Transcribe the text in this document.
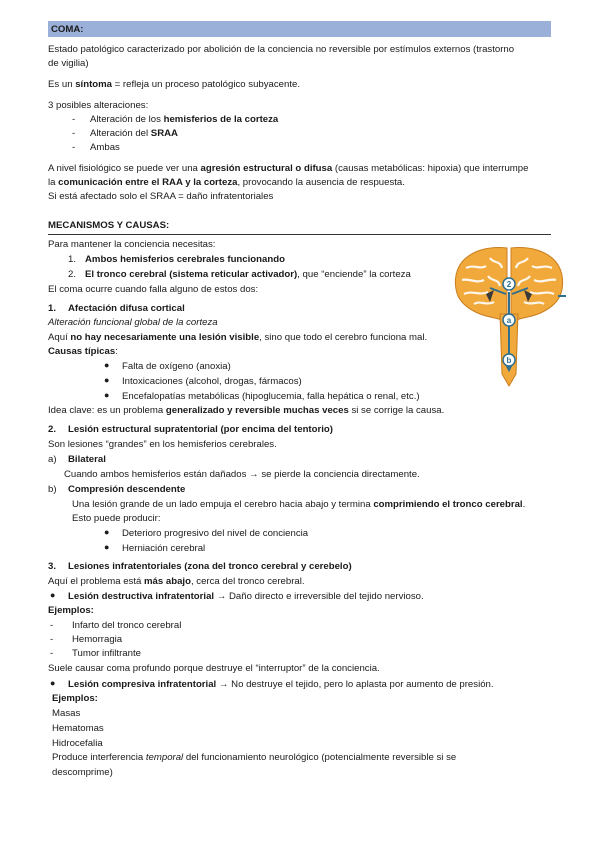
COMA:
Estado patológico caracterizado por abolición de la conciencia no reversible por estímulos externos (trastorno
de vigilia)
Es un síntoma = refleja un proceso patológico subyacente.
3 posibles alteraciones:
- Alteración de los hemisferios de la corteza
- Alteración del SRAA
- Ambas
A nivel fisiológico se puede ver una agresión estructural o difusa (causas metabólicas: hipoxia) que interrumpe
la comunicación entre el RAA y la corteza, provocando la ausencia de respuesta.
Si está afectado solo el SRAA = daño infratentoriales
MECANISMOS Y CAUSAS:
Para mantener la conciencia necesitas:
1. Ambos hemisferios cerebrales funcionando
2. El tronco cerebral (sistema reticular activador), que “enciende” la corteza
El coma ocurre cuando falla alguno de estos dos:
1. Afectación difusa cortical
Alteración funcional global de la corteza
Aquí no hay necesariamente una lesión visible, sino que todo el cerebro funciona mal.
Causas típicas:
● Falta de oxígeno (anoxia)
● Intoxicaciones (alcohol, drogas, fármacos)
● Encefalopatías metabólicas (hipoglucemia, falla hepática o renal, etc.)
Idea clave: es un problema generalizado y reversible muchas veces si se corrige la causa.
2. Lesión estructural supratentorial (por encima del tentorio)
Son lesiones “grandes” en los hemisferios cerebrales.
a) Bilateral
Cuando ambos hemisferios están dañados → se pierde la conciencia directamente.
b) Compresión descendente
Una lesión grande de un lado empuja el cerebro hacia abajo y termina comprimiendo el tronco cerebral.
Esto puede producir:
● Deterioro progresivo del nivel de conciencia
● Herniación cerebral
3. Lesiones infratentoriales (zona del tronco cerebral y cerebelo)
Aquí el problema está más abajo, cerca del tronco cerebral.
● Lesión destructiva infratentorial → Daño directo e irreversible del tejido nervioso.
Ejemplos:
- Infarto del tronco cerebral
- Hemorragia
- Tumor infiltrante
Suele causar coma profundo porque destruye el “interruptor” de la conciencia.
● Lesión compresiva infratentorial → No destruye el tejido, pero lo aplasta por aumento de presión.
Ejemplos:
Masas
Hematomas
Hidrocefalia
Produce interferencia temporal del funcionamiento neurológico (potencialmente reversible si se
descomprime)
2
a
b
